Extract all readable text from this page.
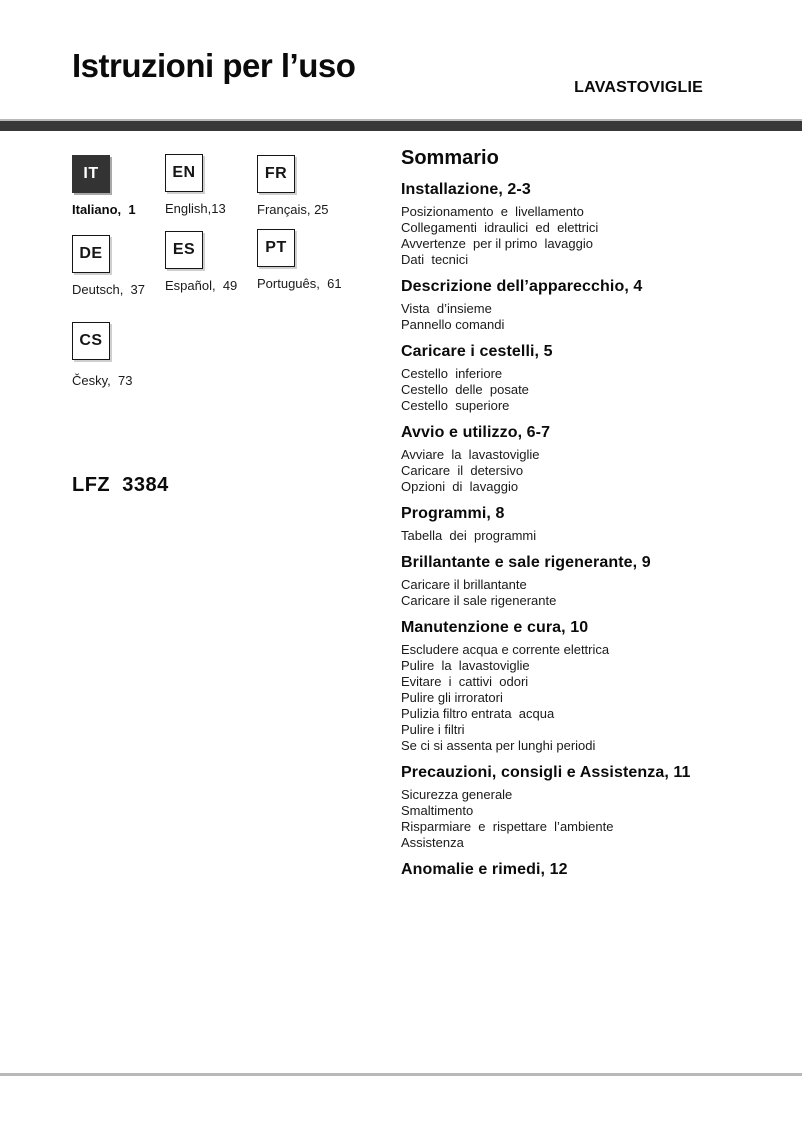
Istruzioni per l’uso
LAVASTOVIGLIE
IT
Italiano,  1
EN
English,13
FR
Français, 25
DE
Deutsch,  37
ES
Español,  49
PT
Português,  61
CS
Česky,  73
LFZ  3384
Sommario
Installazione, 2-3
Posizionamento  e  livellamento
Collegamenti  idraulici  ed  elettrici
Avvertenze  per il primo  lavaggio
Dati  tecnici
Descrizione dell’apparecchio, 4
Vista  d’insieme
Pannello comandi
Caricare i cestelli, 5
Cestello  inferiore
Cestello  delle  posate
Cestello  superiore
Avvio e utilizzo, 6-7
Avviare  la  lavastoviglie
Caricare  il  detersivo
Opzioni  di  lavaggio
Programmi, 8
Tabella  dei  programmi
Brillantante e sale rigenerante, 9
Caricare il brillantante
Caricare il sale rigenerante
Manutenzione e cura, 10
Escludere acqua e corrente elettrica
Pulire  la  lavastoviglie
Evitare  i  cattivi  odori
Pulire gli irroratori
Pulizia filtro entrata  acqua
Pulire i filtri
Se ci si assenta per lunghi periodi
Precauzioni, consigli e Assistenza, 11
Sicurezza generale
Smaltimento
Risparmiare  e  rispettare  l’ambiente
Assistenza
Anomalie e rimedi, 12
